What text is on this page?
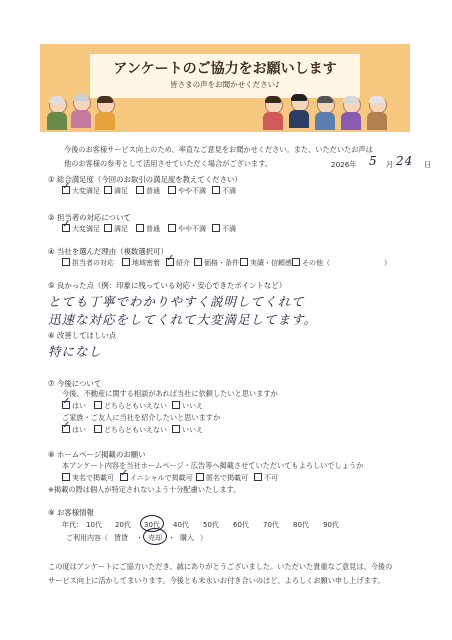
アンケートのご協力をお願いします
皆さまの声をお聞かせください♪
今後のお客様サービス向上のため、率直なご意見をお聞かせください。また、いただいたお声は
他のお客様の参考として活用させていただく場合がございます。	2026年 5 月 24 日
① 総合満足度（今回のお取引の満足度を教えてください）
✓大変満足	満足	普通	やや不満	不満
② 担当者の対応について
✓大変満足	満足	普通	やや不満	不満
④ 当社を選んだ理由（複数選択可）
担当者の対応	地域密着 ✓	紹介	価格・条件	実績・信頼感	その他（	）
⑤ 良かった点（例：印象に残っている対応・安心できたポイントなど）
とても丁寧でわかりやすく説明してくれて
迅速な対応をしてくれて大変満足してます。
⑥ 改善してほしい点
特になし
⑦ 今後について
今後、不動産に関する相談があれば当社に依頼したいと思いますか
✓はい	どちらともいえない	いいえ
ご家族・ご友人に当社を紹介したいと思いますか
✓はい	どちらともいえない	いいえ
⑧ ホームページ掲載のお願い
本アンケート内容を当社ホームページ・広告等へ掲載させていただいてもよろしいでしょうか
実名で掲載可 ✓	イニシャルで掲載可	匿名で掲載可	不可
※掲載の際は個人が特定されないよう十分配慮いたします。
⑨ お客様情報
年代： 10代 20代 30代 40代 50代 60代 70代 80代 90代
ご利用内容（ 賃貸 ・ 売却 ・ 購入 ）
この度はアンケートにご協力いただき、誠にありがとうございました。いただいた貴重なご意見は、今後の
サービス向上に活かしてまいります。今後とも末永いお付き合いのほど、よろしくお願い申し上げます。
